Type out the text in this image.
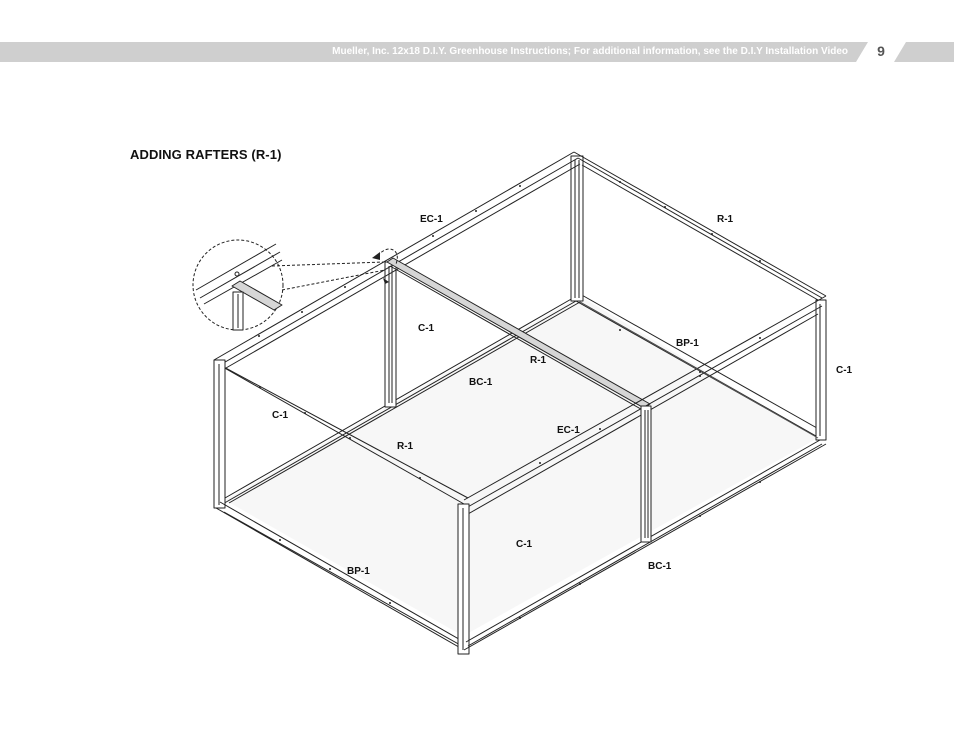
Mueller, Inc. 12x18 D.I.Y. Greenhouse Instructions; For additional information, see the D.I.Y Installation Video	9
ADDING RAFTERS (R-1)
EC-1	R-1
C-1
BP-1
C-1
R-1
BC-1
C-1
R-1
EC-1
C-1
BP-1	BC-1
